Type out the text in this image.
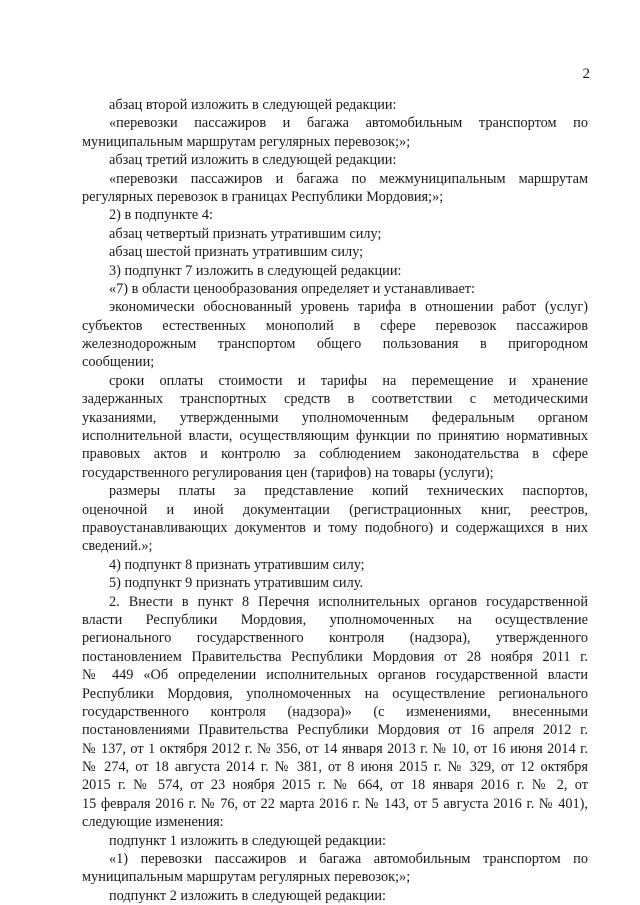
2
абзац второй изложить в следующей редакции:
«перевозки пассажиров и багажа автомобильным транспортом по
муниципальным маршрутам регулярных перевозок;»;
абзац третий изложить в следующей редакции:
«перевозки пассажиров и багажа по межмуниципальным маршрутам
регулярных перевозок в границах Республики Мордовия;»;
2) в подпункте 4:
абзац четвертый признать утратившим силу;
абзац шестой признать утратившим силу;
3) подпункт 7 изложить в следующей редакции:
«7) в области ценообразования определяет и устанавливает:
экономически обоснованный уровень тарифа в отношении работ (услуг)
субъектов естественных монополий в сфере перевозок пассажиров
железнодорожным транспортом общего пользования в пригородном
сообщении;
сроки оплаты стоимости и тарифы на перемещение и хранение
задержанных транспортных средств в соответствии с методическими
указаниями, утвержденными уполномоченным федеральным органом
исполнительной власти, осуществляющим функции по принятию нормативных
правовых актов и контролю за соблюдением законодательства в сфере
государственного регулирования цен (тарифов) на товары (услуги);
размеры платы за представление копий технических паспортов,
оценочной и иной документации (регистрационных книг, реестров,
правоустанавливающих документов и тому подобного) и содержащихся в них
сведений.»;
4) подпункт 8 признать утратившим силу;
5) подпункт 9 признать утратившим силу.
2. Внести в пункт 8 Перечня исполнительных органов государственной
власти Республики Мордовия, уполномоченных на осуществление
регионального государственного контроля (надзора), утвержденного
постановлением Правительства Республики Мордовия от 28 ноября 2011 г.
№ 449 «Об определении исполнительных органов государственной власти
Республики Мордовия, уполномоченных на осуществление регионального
государственного контроля (надзора)» (с изменениями, внесенными
постановлениями Правительства Республики Мордовия от 16 апреля 2012 г.
№ 137, от 1 октября 2012 г. № 356, от 14 января 2013 г. № 10, от 16 июня 2014 г.
№ 274, от 18 августа 2014 г. № 381, от 8 июня 2015 г. № 329, от 12 октября
2015 г. № 574, от 23 ноября 2015 г. № 664, от 18 января 2016 г. № 2, от
15 февраля 2016 г. № 76, от 22 марта 2016 г. № 143, от 5 августа 2016 г. № 401),
следующие изменения:
подпункт 1 изложить в следующей редакции:
«1) перевозки пассажиров и багажа автомобильным транспортом по
муниципальным маршрутам регулярных перевозок;»;
подпункт 2 изложить в следующей редакции:
